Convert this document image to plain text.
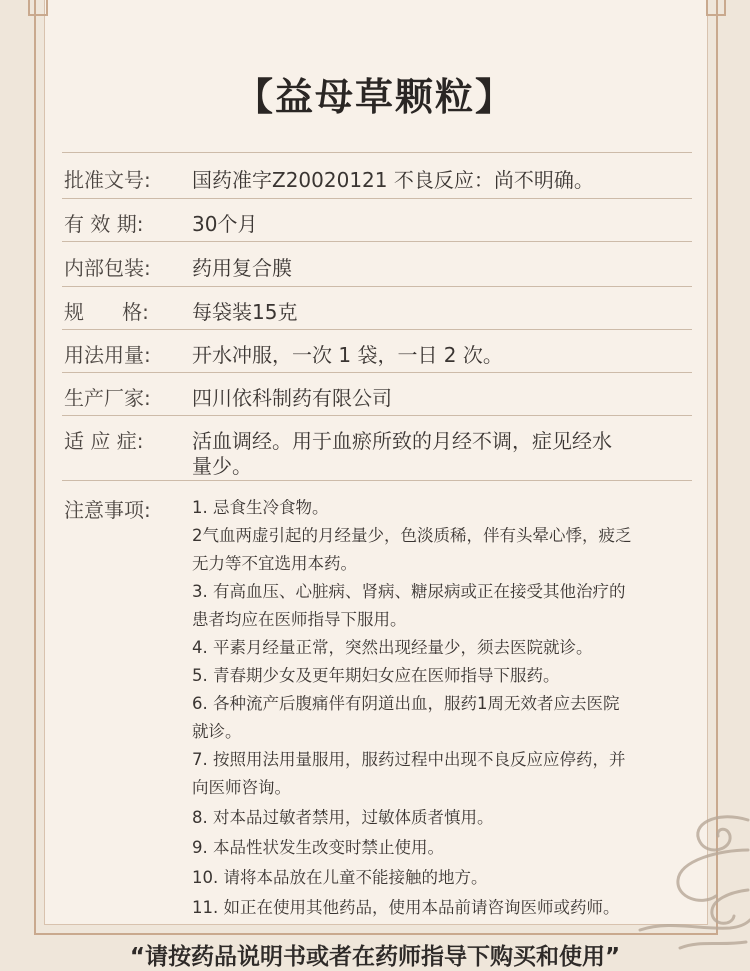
【益母草颗粒】
批准文号: 国药准字Z20020121 不良反应：尚不明确。
有 效 期: 30个月
内部包装: 药用复合膜
规      格: 每袋装15克
用法用量: 开水冲服，一次 1 袋，一日 2 次。
生产厂家: 四川依科制药有限公司
适 应 症: 活血调经。用于血瘀所致的月经不调，症见经水
量少。
注意事项:	1. 忌食生冷食物。
2气血两虚引起的月经量少，色淡质稀，伴有头晕心悸，疲乏
无力等不宜选用本药。
3. 有高血压、心脏病、肾病、糖尿病或正在接受其他治疗的
患者均应在医师指导下服用。
4. 平素月经量正常，突然出现经量少，须去医院就诊。
5. 青春期少女及更年期妇女应在医师指导下服药。
6. 各种流产后腹痛伴有阴道出血，服药1周无效者应去医院
就诊。
7. 按照用法用量服用，服药过程中出现不良反应应停药，并
向医师咨询。
8. 对本品过敏者禁用，过敏体质者慎用。
9. 本品性状发生改变时禁止使用。
10. 请将本品放在儿童不能接触的地方。
11. 如正在使用其他药品，使用本品前请咨询医师或药师。
“请按药品说明书或者在药师指导下购买和使用”
